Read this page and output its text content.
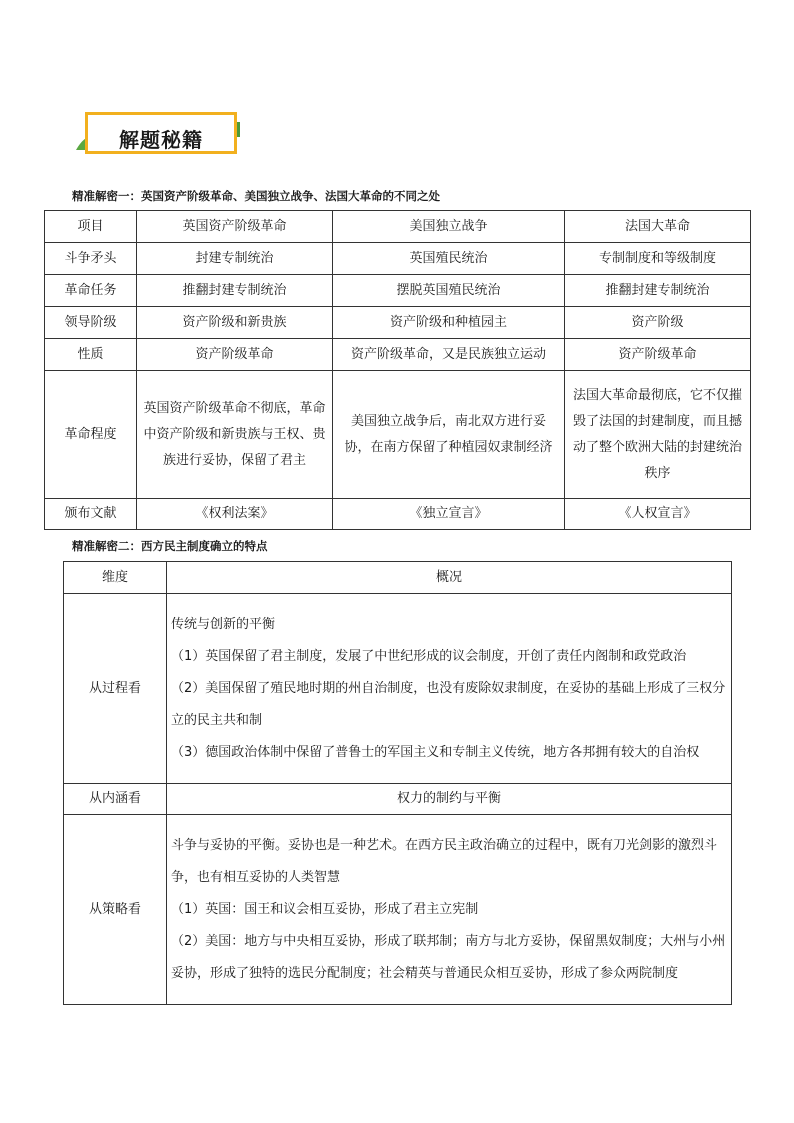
解题秘籍
精准解密一：英国资产阶级革命、美国独立战争、法国大革命的不同之处
项目	英国资产阶级革命	美国独立战争	法国大革命
斗争矛头	封建专制统治	英国殖民统治	专制制度和等级制度
革命任务	推翻封建专制统治	摆脱英国殖民统治	推翻封建专制统治
领导阶级	资产阶级和新贵族	资产阶级和种植园主	资产阶级
性质	资产阶级革命	资产阶级革命，又是民族独立运动	资产阶级革命
革命程度	英国资产阶级革命不彻底，革命中资产阶级和新贵族与王权、贵族进行妥协，保留了君主	美国独立战争后，南北双方进行妥协，在南方保留了种植园奴隶制经济	法国大革命最彻底，它不仅摧毁了法国的封建制度，而且撼动了整个欧洲大陆的封建统治秩序
颁布文献	《权利法案》	《独立宣言》	《人权宣言》
精准解密二：西方民主制度确立的特点
维度	概况
从过程看	传统与创新的平衡

（1）英国保留了君主制度，发展了中世纪形成的议会制度，开创了责任内阁制和政党政治

（2）美国保留了殖民地时期的州自治制度，也没有废除奴隶制度，在妥协的基础上形成了三权分立的民主共和制

（3）德国政治体制中保留了普鲁士的军国主义和专制主义传统，地方各邦拥有较大的自治权

从内涵看	权力的制约与平衡
从策略看	斗争与妥协的平衡。妥协也是一种艺术。在西方民主政治确立的过程中，既有刀光剑影的激烈斗争，也有相互妥协的人类智慧

（1）英国：国王和议会相互妥协，形成了君主立宪制

（2）美国：地方与中央相互妥协，形成了联邦制；南方与北方妥协，保留黑奴制度；大州与小州妥协，形成了独特的选民分配制度；社会精英与普通民众相互妥协，形成了参众两院制度
